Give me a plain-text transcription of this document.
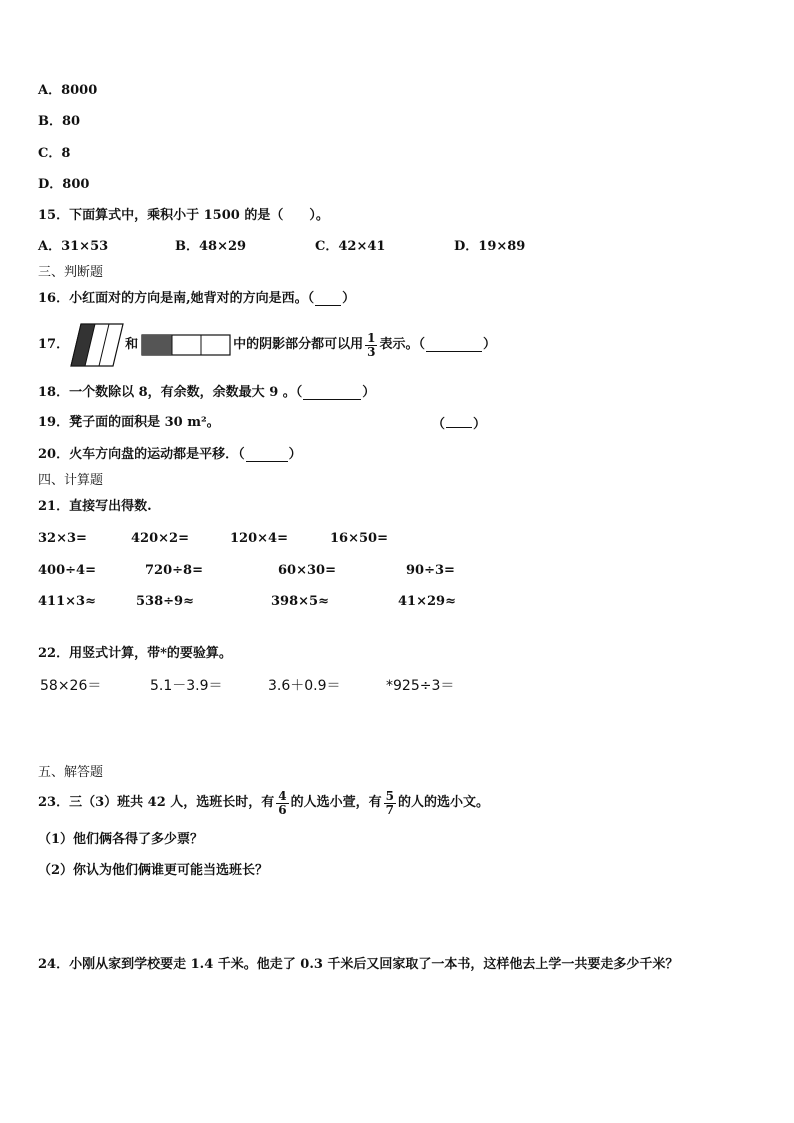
A．8000

B．80

C．8

D．800

15．下面算式中，乘积小于 1500 的是（　　）。

A．31×53	B．48×29	C．42×41	D．19×89

三、判断题

16．小红面对的方向是南,她背对的方向是西。（ ）

17．	和	中的阴影部分都可以用 $\frac{1}{3}$ 表示。（	）

18．一个数除以 8，有余数，余数最大 9 。（	）

19．凳子面的面积是 30 m²。	（ ）

20．火车方向盘的运动都是平移．（	）

四、计算题

21．直接写出得数.

32×3=	420×2=	120×4=	16×50=
400÷4=	720÷8=	60×30=	90÷3=
411×3≈	538÷9≈	398×5≈	41×29≈

22．用竖式计算，带*的要验算。

58×26＝	5.1－3.9＝	3.6＋0.9＝	*925÷3＝

五、解答题

23．三（3）班共 42 人，选班长时，有 $\frac{4}{6}$ 的人选小萱，有 $\frac{5}{7}$ 的人的选小文。

（1）他们俩各得了多少票？

（2）你认为他们俩谁更可能当选班长？

24．小刚从家到学校要走 1.4 千米。他走了 0.3 千米后又回家取了一本书，这样他去上学一共要走多少千米？
